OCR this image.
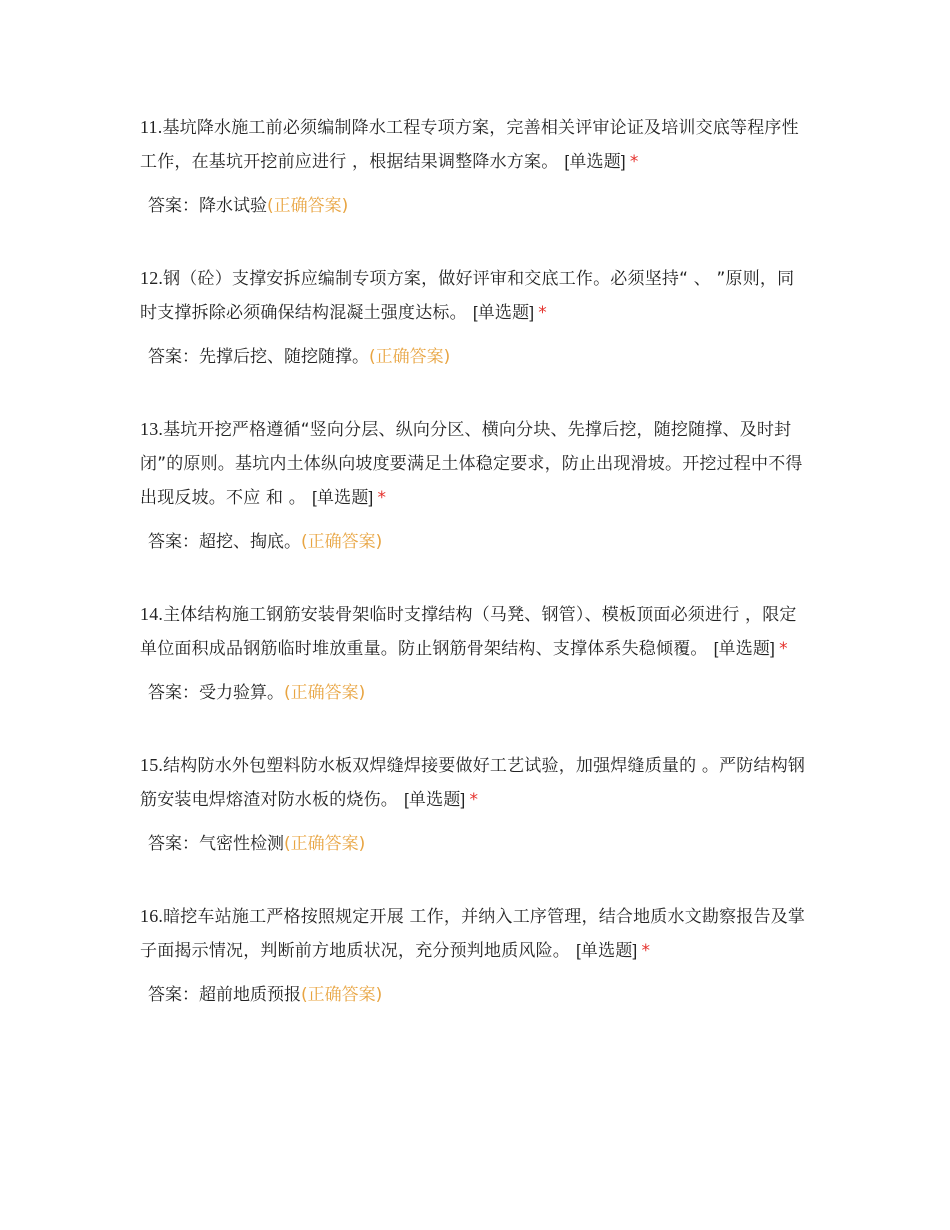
11.基坑降水施工前必须编制降水工程专项方案，完善相关评审论证及培训交底等程序性工作，在基坑开挖前应进行 ，根据结果调整降水方案。 [单选题] *

答案：降水试验(正确答案)

12.钢（砼）支撑安拆应编制专项方案，做好评审和交底工作。必须坚持“ 、 ”原则，同时支撑拆除必须确保结构混凝土强度达标。 [单选题] *

答案：先撑后挖、随挖随撑。(正确答案)

13.基坑开挖严格遵循“竖向分层、纵向分区、横向分块、先撑后挖，随挖随撑、及时封闭”的原则。基坑内土体纵向坡度要满足土体稳定要求，防止出现滑坡。开挖过程中不得出现反坡。不应 和 。 [单选题] *

答案：超挖、掏底。(正确答案)

14.主体结构施工钢筋安装骨架临时支撑结构（马凳、钢管）、模板顶面必须进行 ，限定单位面积成品钢筋临时堆放重量。防止钢筋骨架结构、支撑体系失稳倾覆。 [单选题] *

答案：受力验算。(正确答案)

15.结构防水外包塑料防水板双焊缝焊接要做好工艺试验，加强焊缝质量的 。严防结构钢筋安装电焊熔渣对防水板的烧伤。 [单选题] *

答案：气密性检测(正确答案)

16.暗挖车站施工严格按照规定开展 工作，并纳入工序管理，结合地质水文勘察报告及掌子面揭示情况，判断前方地质状况，充分预判地质风险。 [单选题] *

答案：超前地质预报(正确答案)
